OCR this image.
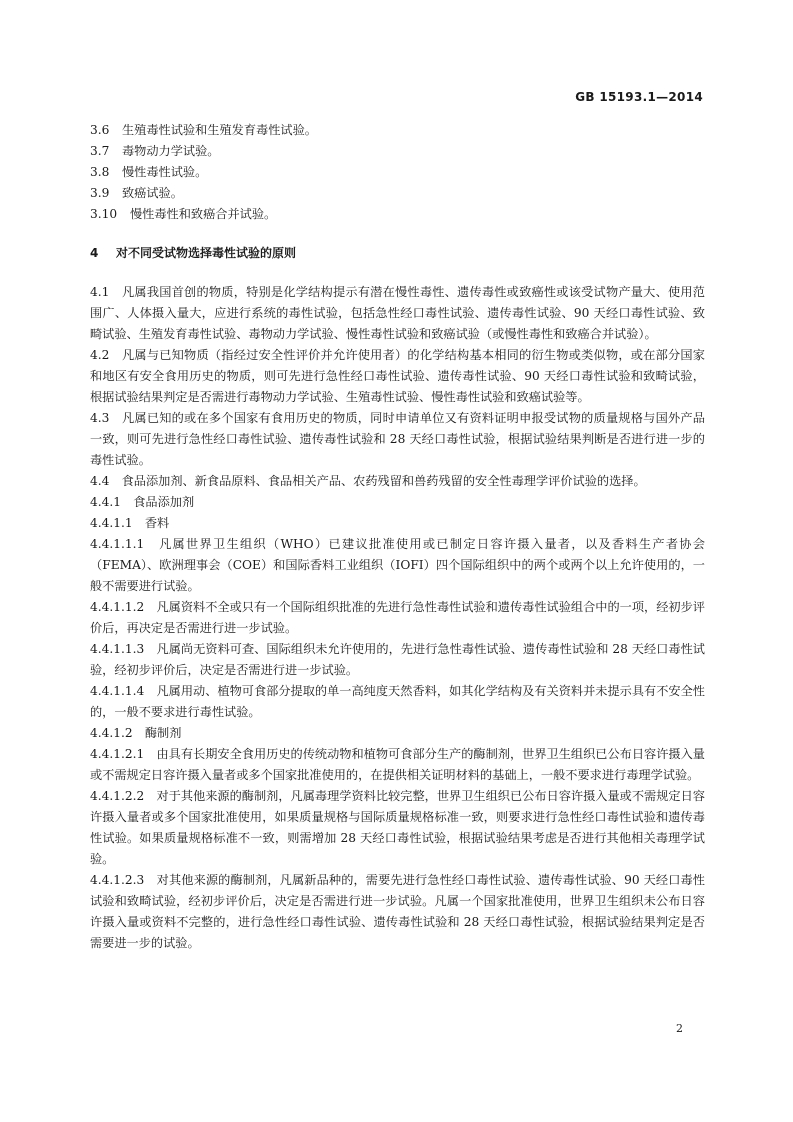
GB 15193.1—2014
3.6 生殖毒性试验和生殖发育毒性试验。
3.7 毒物动力学试验。
3.8 慢性毒性试验。
3.9 致癌试验。
3.10 慢性毒性和致癌合并试验。
4 对不同受试物选择毒性试验的原则
4.1　凡属我国首创的物质，特别是化学结构提示有潜在慢性毒性、遗传毒性或致癌性或该受试物产量大、使用范围广、人体摄入量大，应进行系统的毒性试验，包括急性经口毒性试验、遗传毒性试验、90 天经口毒性试验、致畸试验、生殖发育毒性试验、毒物动力学试验、慢性毒性试验和致癌试验（或慢性毒性和致癌合并试验）。
4.2　凡属与已知物质（指经过安全性评价并允许使用者）的化学结构基本相同的衍生物或类似物，或在部分国家和地区有安全食用历史的物质，则可先进行急性经口毒性试验、遗传毒性试验、90 天经口毒性试验和致畸试验，根据试验结果判定是否需进行毒物动力学试验、生殖毒性试验、慢性毒性试验和致癌试验等。
4.3　凡属已知的或在多个国家有食用历史的物质，同时申请单位又有资料证明申报受试物的质量规格与国外产品一致，则可先进行急性经口毒性试验、遗传毒性试验和 28 天经口毒性试验，根据试验结果判断是否进行进一步的毒性试验。
4.4　食品添加剂、新食品原料、食品相关产品、农药残留和兽药残留的安全性毒理学评价试验的选择。
4.4.1　食品添加剂
4.4.1.1　香料
4.4.1.1.1　凡属世界卫生组织（WHO）已建议批准使用或已制定日容许摄入量者，以及香料生产者协会（FEMA）、欧洲理事会（COE）和国际香料工业组织（IOFI）四个国际组织中的两个或两个以上允许使用的，一般不需要进行试验。
4.4.1.1.2　凡属资料不全或只有一个国际组织批准的先进行急性毒性试验和遗传毒性试验组合中的一项，经初步评价后，再决定是否需进行进一步试验。
4.4.1.1.3　凡属尚无资料可查、国际组织未允许使用的，先进行急性毒性试验、遗传毒性试验和 28 天经口毒性试验，经初步评价后，决定是否需进行进一步试验。
4.4.1.1.4　凡属用动、植物可食部分提取的单一高纯度天然香料，如其化学结构及有关资料并未提示具有不安全性的，一般不要求进行毒性试验。
4.4.1.2　酶制剂
4.4.1.2.1　由具有长期安全食用历史的传统动物和植物可食部分生产的酶制剂，世界卫生组织已公布日容许摄入量或不需规定日容许摄入量者或多个国家批准使用的，在提供相关证明材料的基础上，一般不要求进行毒理学试验。
4.4.1.2.2　对于其他来源的酶制剂，凡属毒理学资料比较完整，世界卫生组织已公布日容许摄入量或不需规定日容许摄入量者或多个国家批准使用，如果质量规格与国际质量规格标准一致，则要求进行急性经口毒性试验和遗传毒性试验。如果质量规格标准不一致，则需增加 28 天经口毒性试验，根据试验结果考虑是否进行其他相关毒理学试验。
4.4.1.2.3　对其他来源的酶制剂，凡属新品种的，需要先进行急性经口毒性试验、遗传毒性试验、90 天经口毒性试验和致畸试验，经初步评价后，决定是否需进行进一步试验。凡属一个国家批准使用，世界卫生组织未公布日容许摄入量或资料不完整的，进行急性经口毒性试验、遗传毒性试验和 28 天经口毒性试验，根据试验结果判定是否需要进一步的试验。
2
